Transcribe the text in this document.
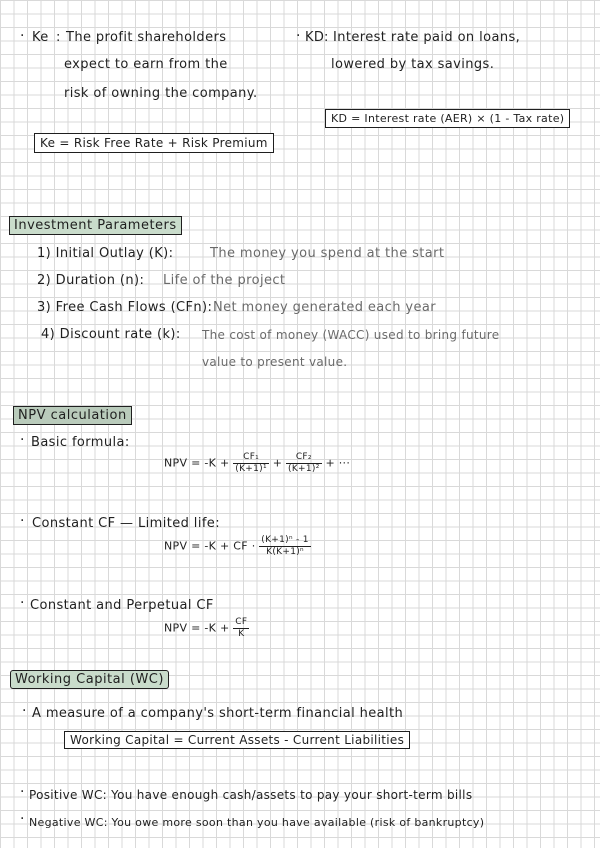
· Ke : The profit shareholders
expect to earn from the
risk of owning the company.
Ke = Risk Free Rate + Risk Premium
· KD : Interest rate paid on loans,
lowered by tax savings.
KD = Interest rate (AER) × (1 - Tax rate)
Investment Parameters
1) Initial Outlay (K):	The money you spend at the start
2) Duration (n): Life of the project
3) Free Cash Flows (CFn): Net money generated each year
4) Discount rate (k): The cost of money (WACC) used to bring future
value to present value.
NPV calculation
· Basic formula:
NPV = $-K + \frac{\text{CF₁}}{\text{(K+1)¹}} + \frac{\text{CF₂}}{\text{(K+1)²}}$ + ···
· Constant CF — Limited life:
NPV = -K + CF · $\frac{\text{(K+1)ⁿ - 1}}{\text{K(K+1)ⁿ}}$
· Constant and Perpetual CF
NPV = $-K + \frac{CF}{K}$
Working Capital (WC)
· A measure of a company's short-term financial health
Working Capital = Current Assets - Current Liabilities
· Positive WC: You have enough cash/assets to pay your short-term bills
· Negative WC: You owe more soon than you have available (risk of bankruptcy)
